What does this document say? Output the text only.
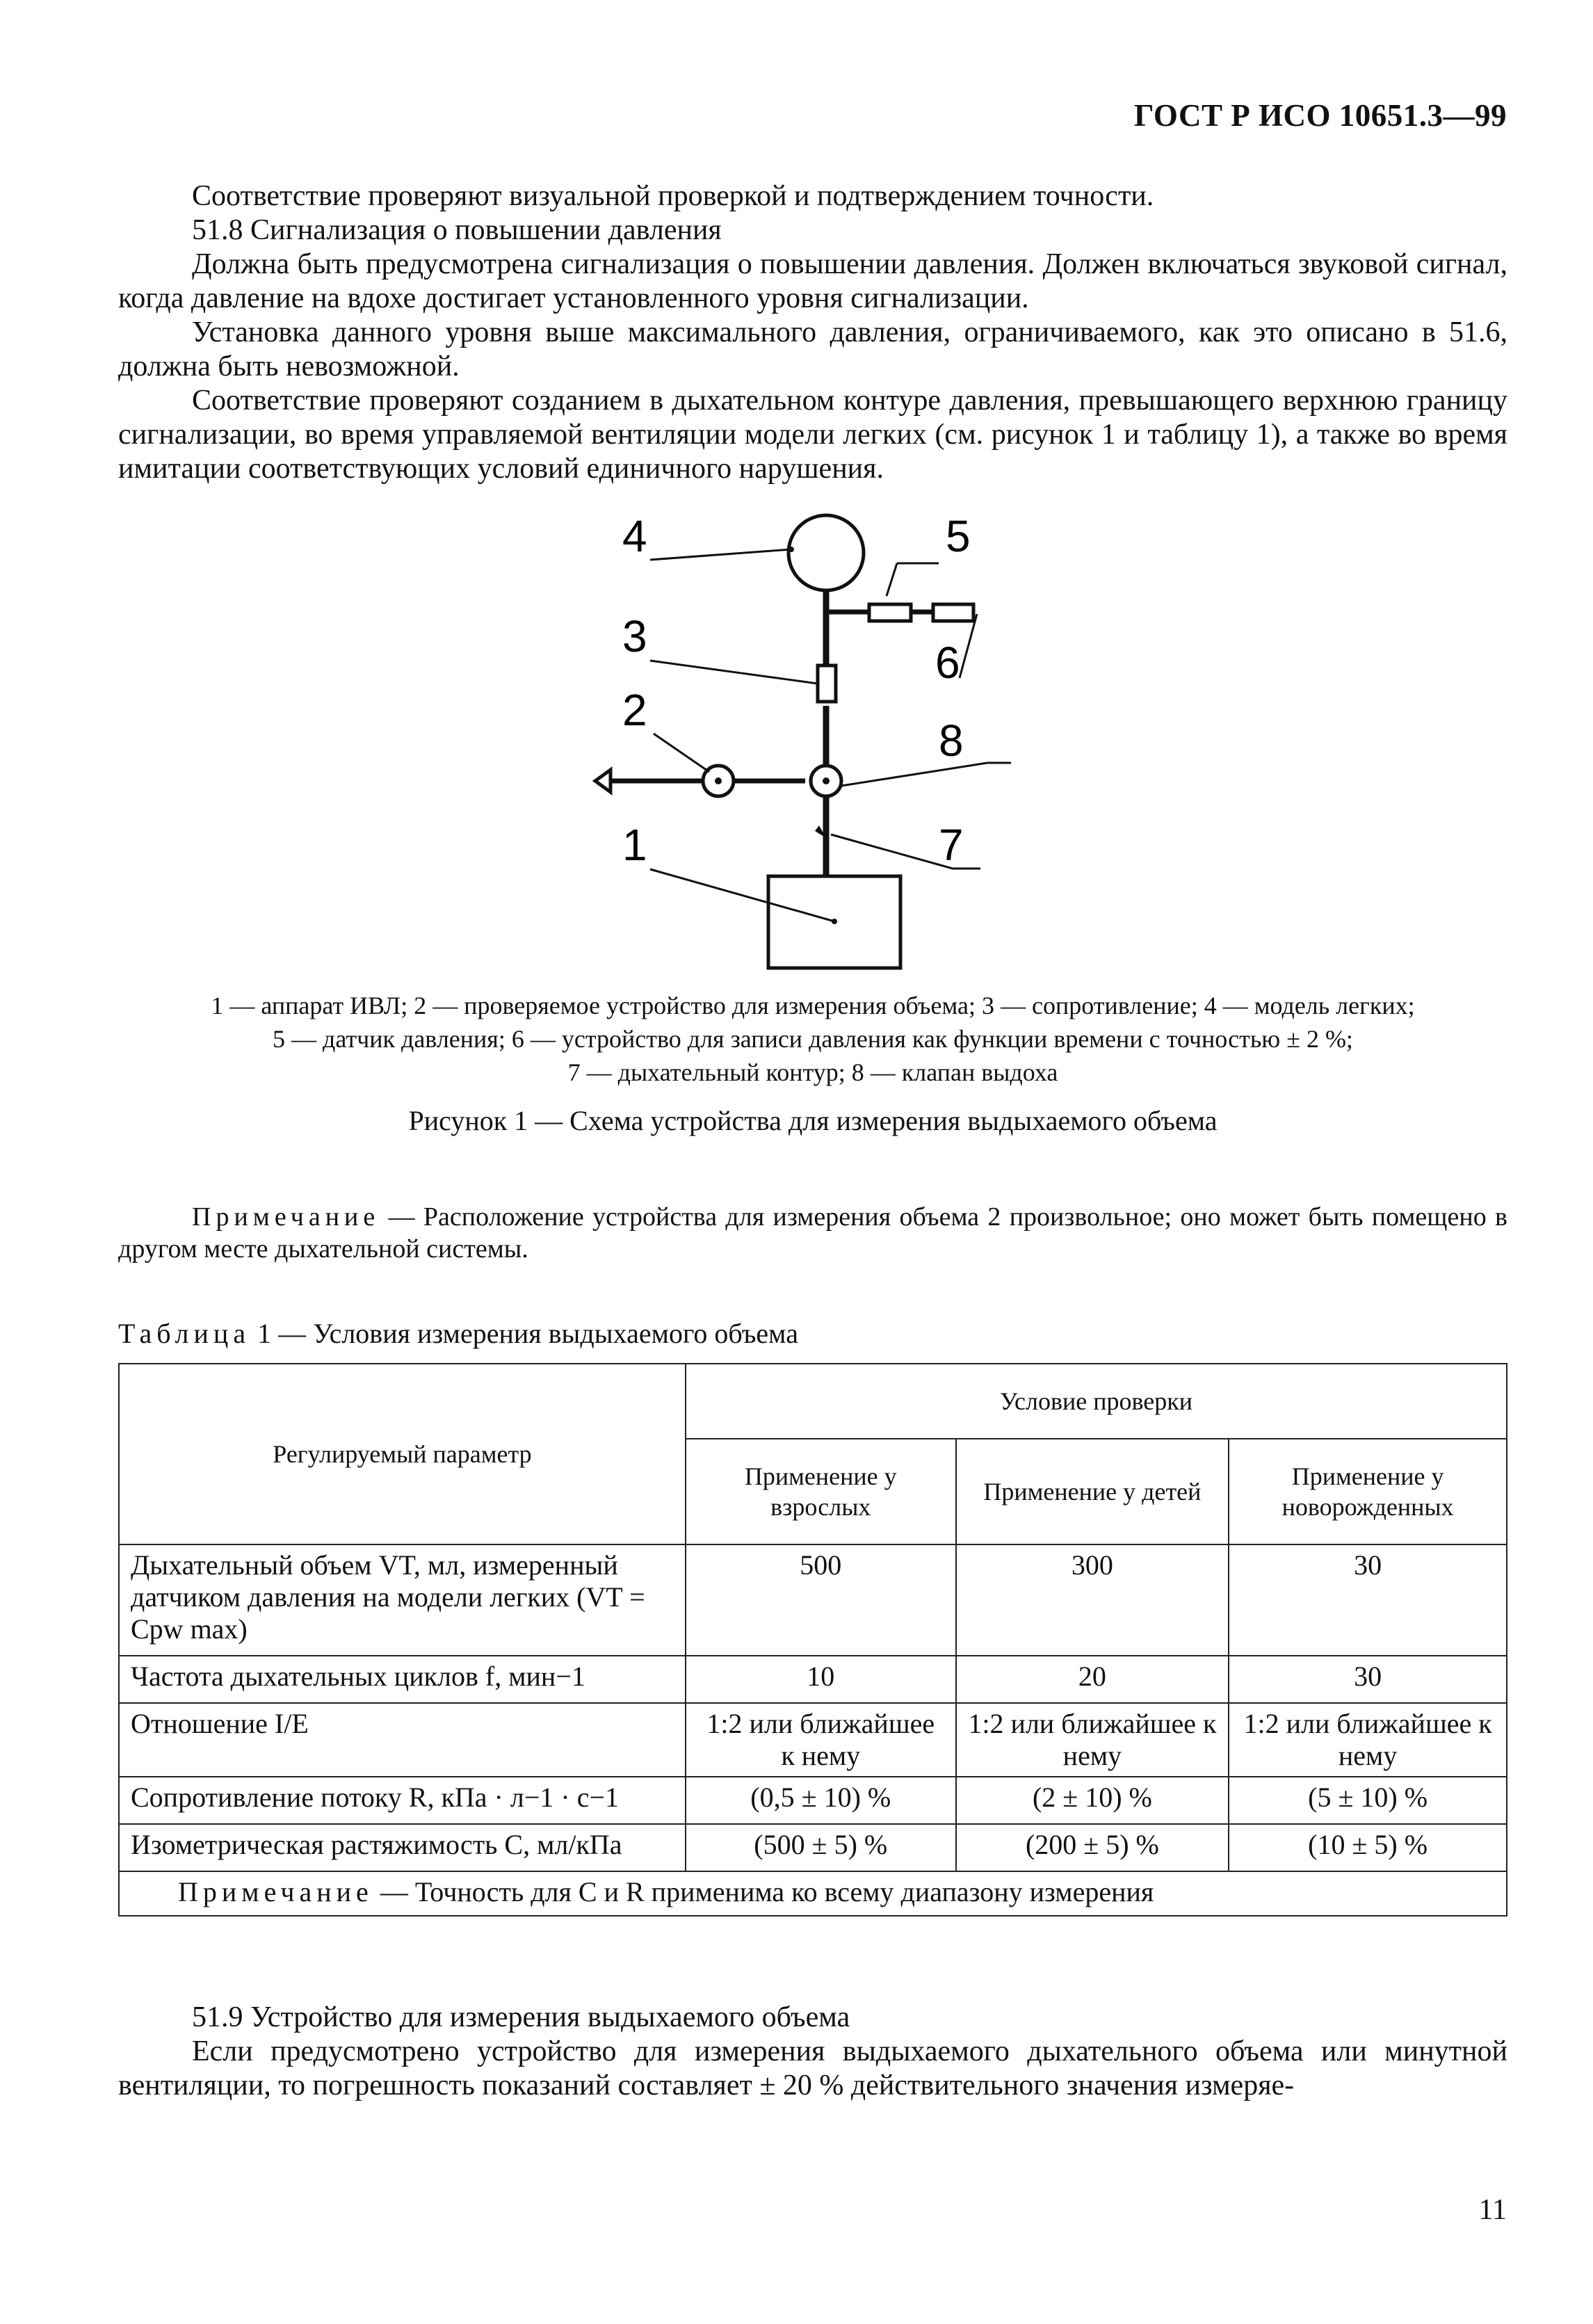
ГОСТ Р ИСО 10651.3—99

Соответствие проверяют визуальной проверкой и подтверждением точности.

51.8 Сигнализация о повышении давления

Должна быть предусмотрена сигнализация о повышении давления. Должен включаться звуковой сигнал, когда давление на вдохе достигает установленного уровня сигнализации.

Установка данного уровня выше максимального давления, ограничиваемого, как это описано в 51.6, должна быть невозможной.

Соответствие проверяют созданием в дыхательном контуре давления, превышающего верхнюю границу сигнализации, во время управляемой вентиляции модели легких (см. рисунок 1 и таблицу 1), а также во время имитации соответствующих условий единичного нарушения.

4	5
3
6
2
8
1	7

1 — аппарат ИВЛ; 2 — проверяемое устройство для измерения объема; 3 — сопротивление; 4 — модель легких;

5 — датчик давления; 6 — устройство для записи давления как функции времени с точностью ± 2 %;

7 — дыхательный контур; 8 — клапан выдоха

Рисунок 1 — Схема устройства для измерения выдыхаемого объема

Примечание — Расположение устройства для измерения объема 2 произвольное; оно может быть помещено в другом месте дыхательной системы.

Таблица 1 — Условия измерения выдыхаемого объема
Регулируемый параметр	Условие проверки		
	Применение у взрослых	Применение у детей	Применение у новорожденных
Дыхательный объем VT, мл, измеренный датчиком давления на модели легких (VT = Cpw max)	500	300	30
Частота дыхательных циклов f, мин−1	10	20	30
Отношение I/E	1:2 или ближайшее к нему	1:2 или ближайшее к нему	1:2 или ближайшее к нему
Сопротивление потоку R, кПа · л−1 · с−1	(0,5 ± 10) %	(2 ± 10) %	(5 ± 10) %
Изометрическая растяжимость C, мл/кПа	(500 ± 5) %	(200 ± 5) %	(10 ± 5) %
Примечание — Точность для C и R применима ко всему диапазону измерения			

51.9 Устройство для измерения выдыхаемого объема

Если предусмотрено устройство для измерения выдыхаемого дыхательного объема или минутной вентиляции, то погрешность показаний составляет ± 20 % действительного значения измеряе-

11
